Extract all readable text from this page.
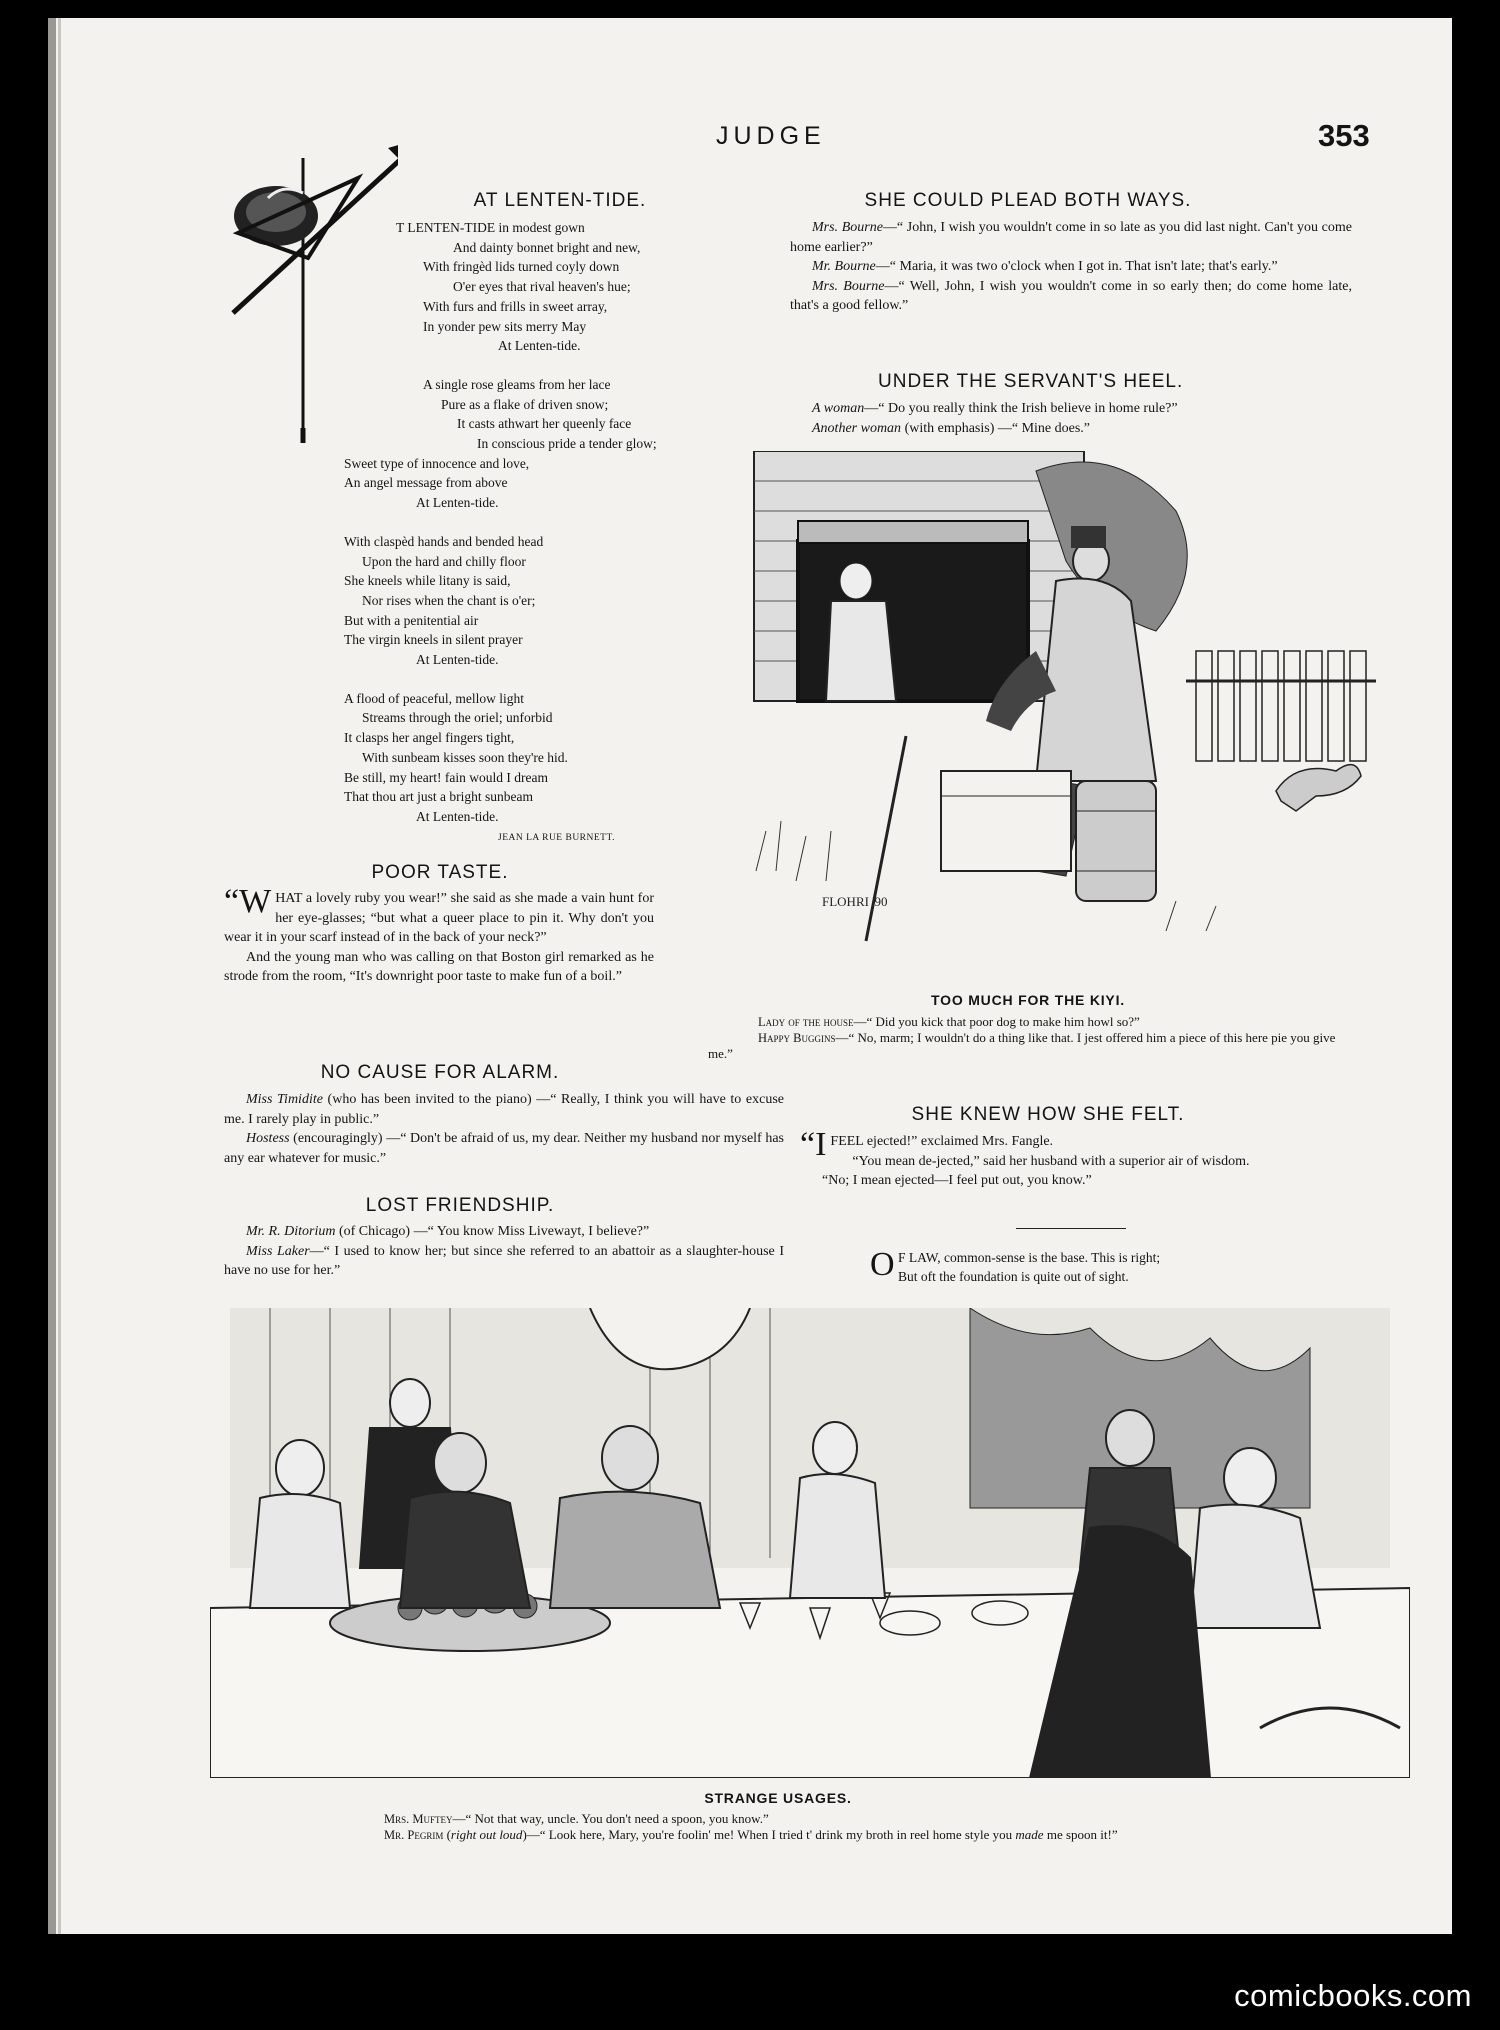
JUDGE	353
AT LENTEN-TIDE.
T LENTEN-TIDE in modest gown
And dainty bonnet bright and new,
With fringèd lids turned coyly down
O'er eyes that rival heaven's hue;
With furs and frills in sweet array,
In yonder pew sits merry May
At Lenten-tide.
A single rose gleams from her lace
Pure as a flake of driven snow;
It casts athwart her queenly face
In conscious pride a tender glow;
Sweet type of innocence and love,
An angel message from above
At Lenten-tide.
With claspèd hands and bended head
Upon the hard and chilly floor
She kneels while litany is said,
Nor rises when the chant is o'er;
But with a penitential air
The virgin kneels in silent prayer
At Lenten-tide.
A flood of peaceful, mellow light
Streams through the oriel; unforbid
It clasps her angel fingers tight,
With sunbeam kisses soon they're hid.
Be still, my heart! fain would I dream
That thou art just a bright sunbeam
At Lenten-tide.
JEAN LA RUE BURNETT.
POOR TASTE.

“W HAT a lovely ruby you wear!” she said as she made a vain hunt for her eye-glasses; “but what a queer place to pin it. Why don't you wear it in your scarf instead of in the back of your neck?”

And the young man who was calling on that Boston girl remarked as he strode from the room, “It's downright poor taste to make fun of a boil.”

NO CAUSE FOR ALARM.

Miss Timidite (who has been invited to the piano) —“ Really, I think you will have to excuse me. I rarely play in public.”

Hostess (encouragingly) —“ Don't be afraid of us, my dear. Neither my husband nor myself has any ear whatever for music.”

LOST FRIENDSHIP.

Mr. R. Ditorium (of Chicago) —“ You know Miss Livewayt, I believe?”

Miss Laker—“ I used to know her; but since she referred to an abattoir as a slaughter-house I have no use for her.”

SHE COULD PLEAD BOTH WAYS.

Mrs. Bourne—“ John, I wish you wouldn't come in so late as you did last night. Can't you come home earlier?”

Mr. Bourne—“ Maria, it was two o'clock when I got in. That isn't late; that's early.”

Mrs. Bourne—“ Well, John, I wish you wouldn't come in so early then; do come home late, that's a good fellow.”

UNDER THE SERVANT'S HEEL.

A woman—“ Do you really think the Irish believe in home rule?”

Another woman (with emphasis) —“ Mine does.”

FLOHRI '90
TOO MUCH FOR THE KIYI.

Lady of the house—“ Did you kick that poor dog to make him howl so?”

Happy Buggins—“ No, marm; I wouldn't do a thing like that. I jest offered him a piece of this here pie you give me.”

SHE KNEW HOW SHE FELT.

“I FEEL ejected!” exclaimed Mrs. Fangle.

“You mean de-jected,” said her husband with a superior air of wisdom.

“No; I mean ejected—I feel put out, you know.”

O F LAW, common-sense is the base. This is right;
But oft the foundation is quite out of sight.
STRANGE USAGES.

Mrs. Muftey—“ Not that way, uncle. You don't need a spoon, you know.”

Mr. Pegrim (right out loud)—“ Look here, Mary, you're foolin' me! When I tried t' drink my broth in reel home style you made me spoon it!”

comicbooks.com
